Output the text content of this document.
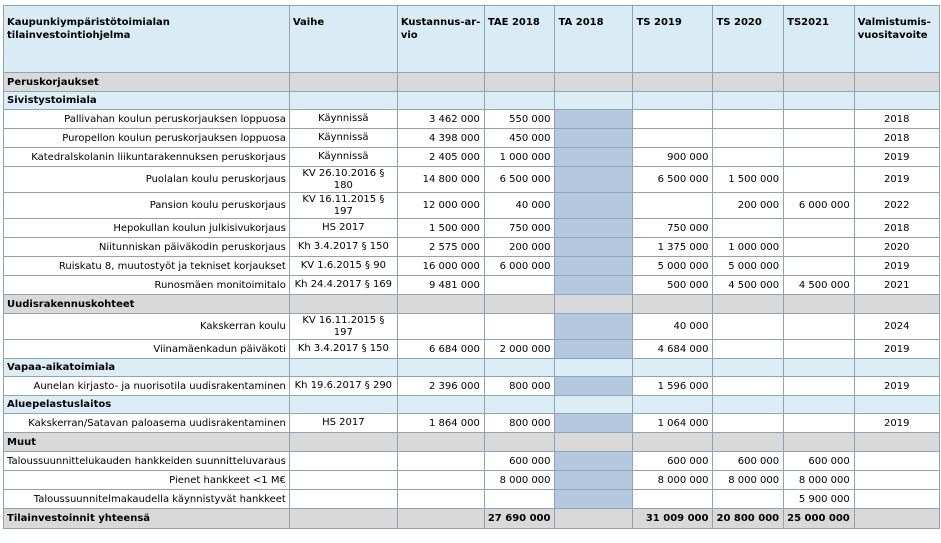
Kaupunkiympäristötoimialan tilainvestointiohjelma	Vaihe	Kustannus-ar-vio	TAE 2018	TA 2018	TS 2019	TS 2020	TS2021	Valmistumis-vuositavoite
Peruskorjaukset								
Sivistystoimiala								
Pallivahan koulun peruskorjauksen loppuosa	Käynnissä	3 462 000	550 000					2018
Puropellon koulun peruskorjauksen loppuosa	Käynnissä	4 398 000	450 000					2018
Katedralskolanin liikuntarakennuksen peruskorjaus	Käynnissä	2 405 000	1 000 000		900 000			2019
Puolalan koulu peruskorjaus	KV 26.10.2016 § 180	14 800 000	6 500 000		6 500 000	1 500 000		2019
Pansion koulu peruskorjaus	KV 16.11.2015 § 197	12 000 000	40 000			200 000	6 000 000	2022
Hepokullan koulun julkisivukorjaus	HS 2017	1 500 000	750 000		750 000			2018
Niitunniskan päiväkodin peruskorjaus	Kh 3.4.2017 § 150	2 575 000	200 000		1 375 000	1 000 000		2020
Ruiskatu 8, muutostyöt ja tekniset korjaukset	KV 1.6.2015 § 90	16 000 000	6 000 000		5 000 000	5 000 000		2019
Runosmäen monitoimitalo	Kh 24.4.2017 § 169	9 481 000			500 000	4 500 000	4 500 000	2021
Uudisrakennuskohteet								
Kakskerran koulu	KV 16.11.2015 § 197				40 000			2024
Viinamäenkadun päiväkoti	Kh 3.4.2017 § 150	6 684 000	2 000 000		4 684 000			2019
Vapaa-aikatoimiala								
Aunelan kirjasto- ja nuorisotila uudisrakentaminen	Kh 19.6.2017 § 290	2 396 000	800 000		1 596 000			2019
Aluepelastuslaitos								
Kakskerran/Satavan paloasema uudisrakentaminen	HS 2017	1 864 000	800 000		1 064 000			2019
Muut								
Taloussuunnittelukauden hankkeiden suunnitteluvaraus			600 000		600 000	600 000	600 000	
Pienet hankkeet <1 M€			8 000 000		8 000 000	8 000 000	8 000 000	
Taloussuunnitelmakaudella käynnistyvät hankkeet							5 900 000	
Tilainvestoinnit yhteensä			27 690 000		31 009 000	20 800 000	25 000 000	
